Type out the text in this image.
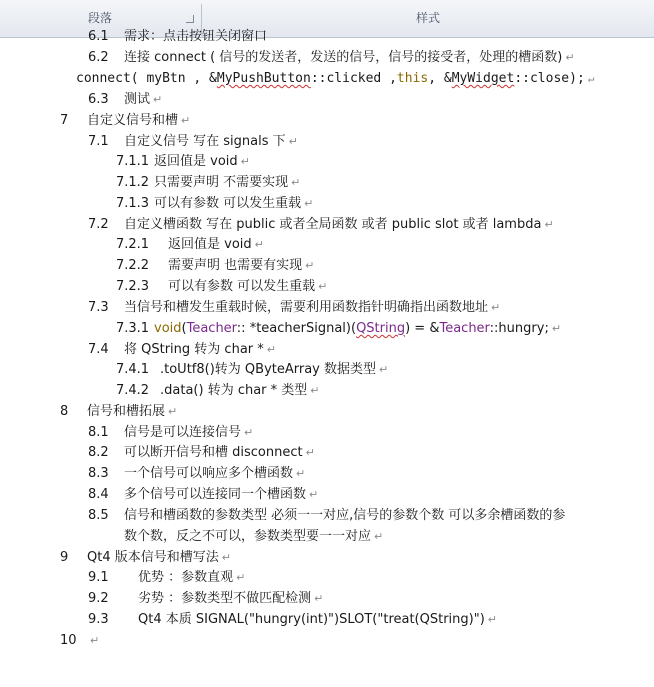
段落	样式
6.1 需求：点击按钮关闭窗口
6.2 连接 connect ( 信号的发送者，发送的信号，信号的接受者，处理的槽函数) ↵
connect( myBtn , &MyPushButton::clicked ,this, &MyWidget::close); ↵
6.3 测试 ↵
7 自定义信号和槽 ↵
7.1 自定义信号 写在 signals 下 ↵
7.1.1 返回值是 void ↵
7.1.2 只需要声明 不需要实现 ↵
7.1.3 可以有参数 可以发生重载 ↵
7.2 自定义槽函数 写在 public 或者全局函数 或者 public slot 或者 lambda ↵
7.2.1 返回值是 void ↵
7.2.2 需要声明 也需要有实现 ↵
7.2.3 可以有参数 可以发生重载 ↵
7.3 当信号和槽发生重载时候，需要利用函数指针明确指出函数地址 ↵
7.3.1 void(Teacher:: *teacherSignal)(QString) = &Teacher::hungry; ↵
7.4 将 QString 转为 char * ↵
7.4.1 .toUtf8()转为 QByteArray 数据类型 ↵
7.4.2 .data() 转为 char * 类型 ↵
8 信号和槽拓展 ↵
8.1 信号是可以连接信号 ↵
8.2 可以断开信号和槽 disconnect ↵
8.3 一个信号可以响应多个槽函数 ↵
8.4 多个信号可以连接同一个槽函数 ↵
8.5 信号和槽函数的参数类型 必须一一对应,信号的参数个数 可以多余槽函数的参
数个数，反之不可以，参数类型要一一对应 ↵
9 Qt4 版本信号和槽写法 ↵
9.1 优势 ：参数直观 ↵
9.2 劣势 ：参数类型不做匹配检测 ↵
9.3 Qt4 本质 SIGNAL("hungry(int)")SLOT("treat(QString)") ↵
10 ↵
